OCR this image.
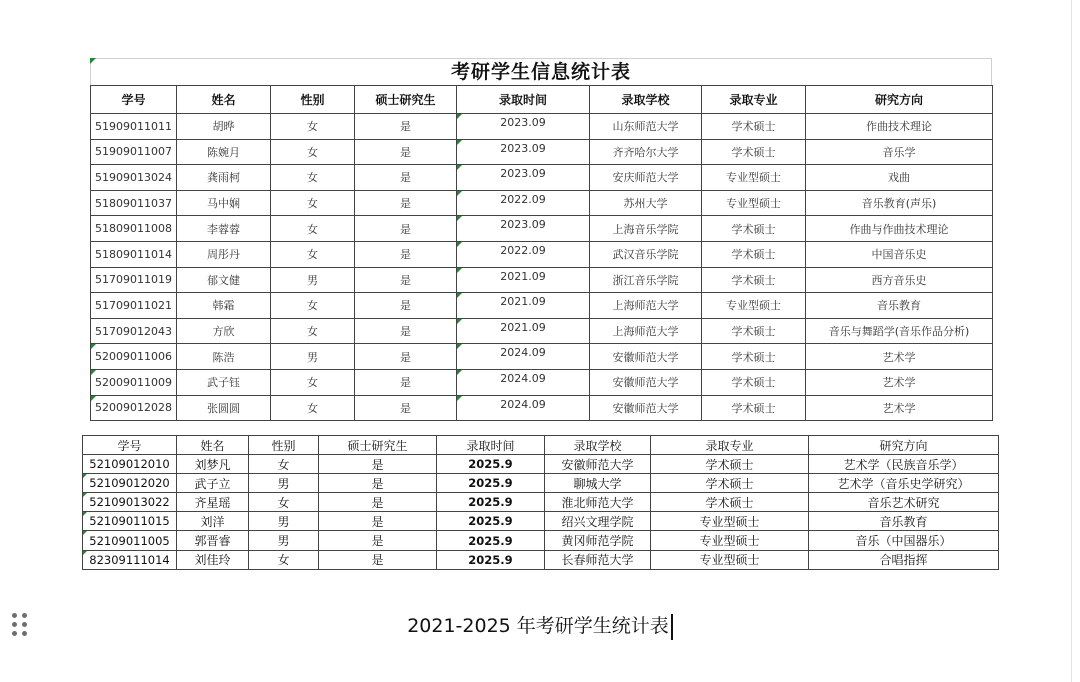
考研学生信息统计表
学号	姓名	性别	硕士研究生	录取时间	录取学校	录取专业	研究方向
51909011011	胡晔	女	是	2023.09	山东师范大学	学术硕士	作曲技术理论
51909011007	陈婉月	女	是	2023.09	齐齐哈尔大学	学术硕士	音乐学
51909013024	龚雨柯	女	是	2023.09	安庆师范大学	专业型硕士	戏曲
51809011037	马中娴	女	是	2022.09	苏州大学	专业型硕士	音乐教育(声乐)
51809011008	李蓉蓉	女	是	2023.09	上海音乐学院	学术硕士	作曲与作曲技术理论
51809011014	周彤丹	女	是	2022.09	武汉音乐学院	学术硕士	中国音乐史
51709011019	郁文健	男	是	2021.09	浙江音乐学院	学术硕士	西方音乐史
51709011021	韩霜	女	是	2021.09	上海师范大学	专业型硕士	音乐教育
51709012043	方欣	女	是	2021.09	上海师范大学	学术硕士	音乐与舞蹈学(音乐作品分析)
52009011006	陈浩	男	是	2024.09	安徽师范大学	学术硕士	艺术学
52009011009	武子钰	女	是	2024.09	安徽师范大学	学术硕士	艺术学
52009012028	张圆圆	女	是	2024.09	安徽师范大学	学术硕士	艺术学
学号	姓名	性别	硕士研究生	录取时间	录取学校	录取专业	研究方向
52109012010	刘梦凡	女	是	2025.9	安徽师范大学	学术硕士	艺术学（民族音乐学）
52109012020	武子立	男	是	2025.9	聊城大学	学术硕士	艺术学（音乐史学研究）
52109013022	齐星瑶	女	是	2025.9	淮北师范大学	学术硕士	音乐艺术研究
52109011015	刘洋	男	是	2025.9	绍兴文理学院	专业型硕士	音乐教育
52109011005	郭晋睿	男	是	2025.9	黄冈师范学院	专业型硕士	音乐（中国器乐）
82309111014	刘佳玲	女	是	2025.9	长春师范大学	专业型硕士	合唱指挥
2021-2025 年考研学生统计表
